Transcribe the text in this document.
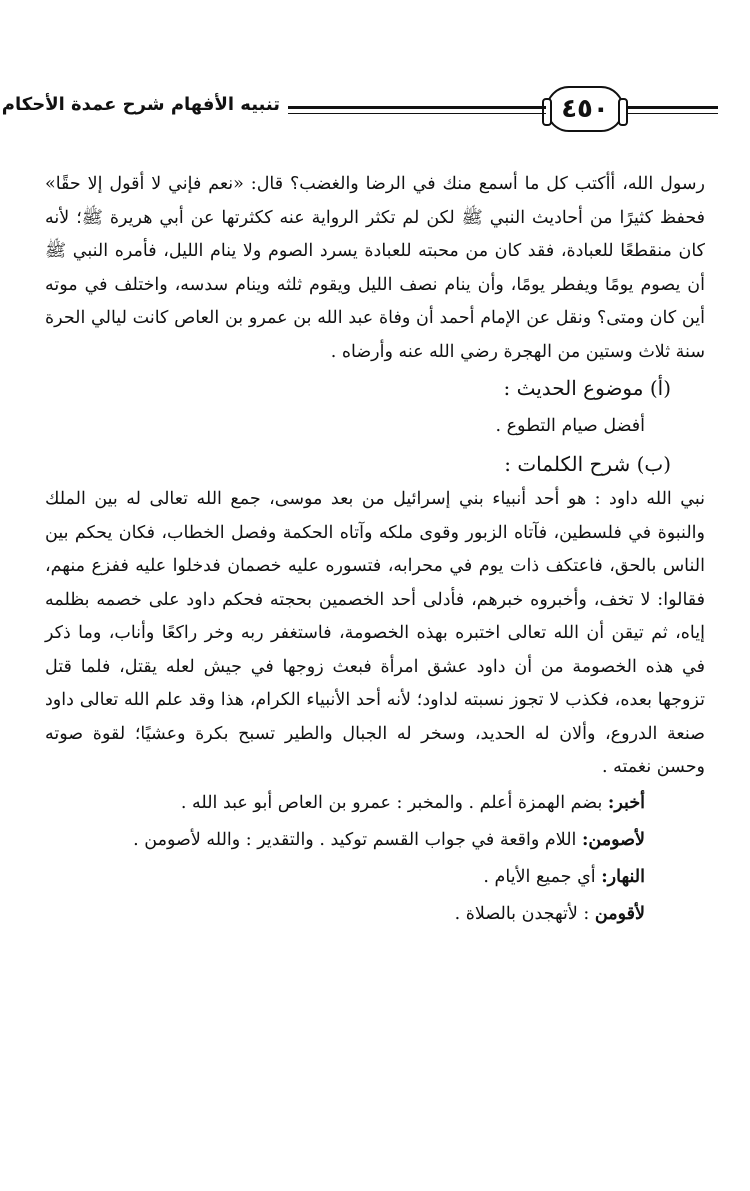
٤٥٠
تنبيه الأفهام شرح عمدة الأحكام

رسول الله، أأكتب كل ما أسمع منك في الرضا والغضب؟ قال: «نعم فإني لا أقول إلا حقًا» فحفظ كثيرًا من أحاديث النبي ﷺ لكن لم تكثر الرواية عنه ككثرتها عن أبي هريرة ﷺ؛ لأنه كان منقطعًا للعبادة، فقد كان من محبته للعبادة يسرد الصوم ولا ينام الليل، فأمره النبي ﷺ أن يصوم يومًا ويفطر يومًا، وأن ينام نصف الليل ويقوم ثلثه وينام سدسه، واختلف في موته أين كان ومتى؟ ونقل عن الإمام أحمد أن وفاة عبد الله بن عمرو بن العاص كانت ليالي الحرة سنة ثلاث وستين من الهجرة رضي الله عنه وأرضاه .

(أ) موضوع الحديث :

أفضل صيام التطوع .

(ب) شرح الكلمات :

نبي الله داود : هو أحد أنبياء بني إسرائيل من بعد موسى، جمع الله تعالى له بين الملك والنبوة في فلسطين، فآتاه الزبور وقوى ملكه وآتاه الحكمة وفصل الخطاب، فكان يحكم بين الناس بالحق، فاعتكف ذات يوم في محرابه، فتسوره عليه خصمان فدخلوا عليه ففزع منهم، فقالوا: لا تخف، وأخبروه خبرهم، فأدلى أحد الخصمين بحجته فحكم داود على خصمه بظلمه إياه، ثم تيقن أن الله تعالى اختبره بهذه الخصومة، فاستغفر ربه وخر راكعًا وأناب، وما ذكر في هذه الخصومة من أن داود عشق امرأة فبعث زوجها في جيش لعله يقتل، فلما قتل تزوجها بعده، فكذب لا تجوز نسبته لداود؛ لأنه أحد الأنبياء الكرام، هذا وقد علم الله تعالى داود صنعة الدروع، وألان له الحديد، وسخر له الجبال والطير تسبح بكرة وعشيًا؛ لقوة صوته وحسن نغمته .

أخبر: بضم الهمزة أعلم . والمخبر : عمرو بن العاص أبو عبد الله .

لأصومن: اللام واقعة في جواب القسم توكيد . والتقدير : والله لأصومن .

النهار: أي جميع الأيام .

لأقومن : لأتهجدن بالصلاة .
